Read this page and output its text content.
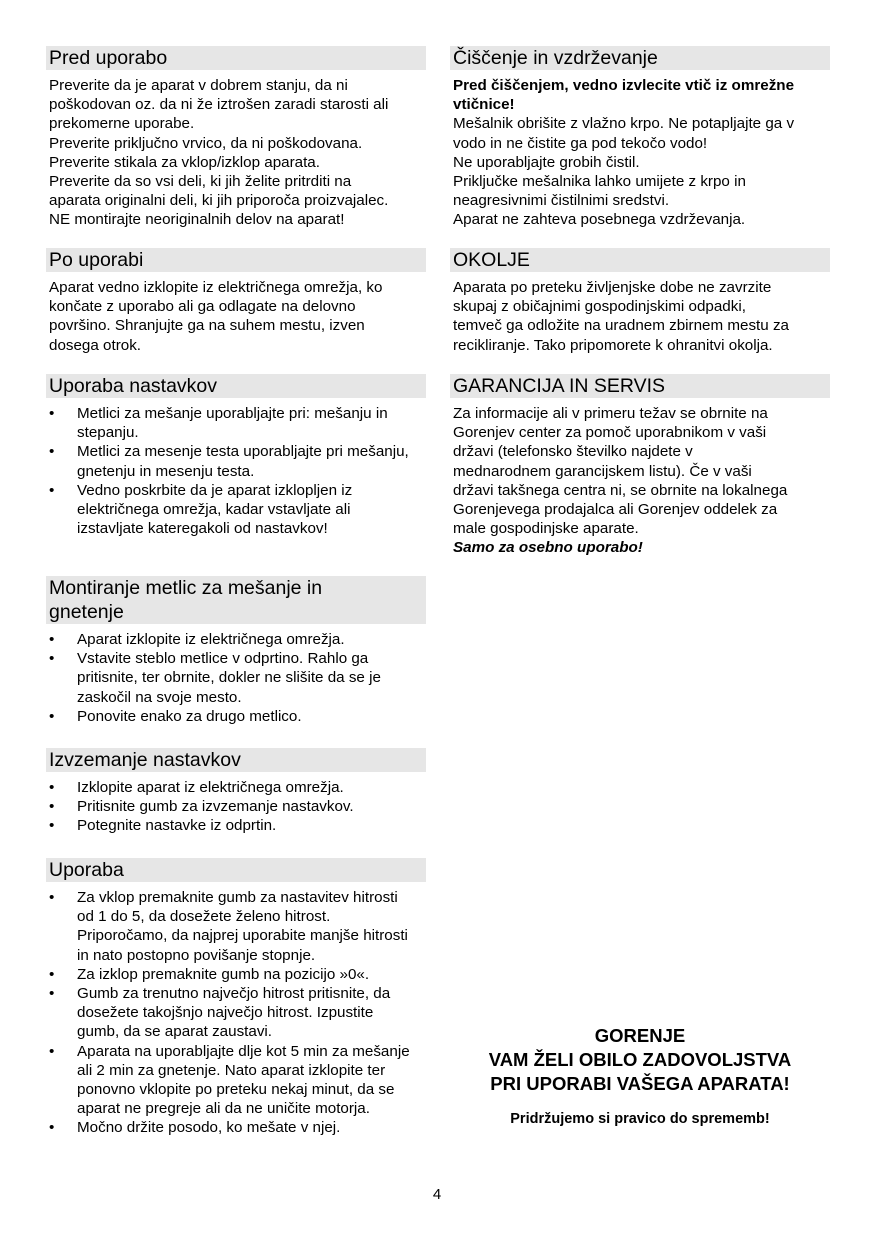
Pred uporabo
Preverite da je aparat v dobrem stanju, da ni
poškodovan oz. da ni že iztrošen zaradi starosti ali
prekomerne uporabe.
Preverite priključno vrvico, da ni poškodovana.
Preverite stikala za vklop/izklop aparata.
Preverite da so vsi deli, ki jih želite pritrditi na
aparata originalni deli, ki jih priporoča proizvajalec.
NE montirajte neoriginalnih delov na aparat!
Po uporabi
Aparat vedno izklopite iz električnega omrežja, ko
končate z uporabo ali ga odlagate na delovno
površino. Shranjujte ga na suhem mestu, izven
dosega otrok.
Uporaba nastavkov
• Metlici za mešanje uporabljajte pri: mešanju in
stepanju.
• Metlici za mesenje testa uporabljajte pri mešanju,
gnetenju in mesenju testa.
• Vedno poskrbite da je aparat izklopljen iz
električnega omrežja, kadar vstavljate ali
izstavljate kateregakoli od nastavkov!
Montiranje metlic za mešanje in
gnetenje
• Aparat izklopite iz električnega omrežja.
• Vstavite steblo metlice v odprtino. Rahlo ga
pritisnite, ter obrnite, dokler ne slišite da se je
zaskočil na svoje mesto.
• Ponovite enako za drugo metlico.
Izvzemanje nastavkov
• Izklopite aparat iz električnega omrežja.
• Pritisnite gumb za izvzemanje nastavkov.
• Potegnite nastavke iz odprtin.
Uporaba
• Za vklop premaknite gumb za nastavitev hitrosti
od 1 do 5, da dosežete želeno hitrost.
Priporočamo, da najprej uporabite manjše hitrosti
in nato postopno povišanje stopnje.
• Za izklop premaknite gumb na pozicijo »0«.
• Gumb za trenutno največjo hitrost pritisnite, da
dosežete takojšnjo največjo hitrost. Izpustite
gumb, da se aparat zaustavi.
• Aparata na uporabljajte dlje kot 5 min za mešanje
ali 2 min za gnetenje. Nato aparat izklopite ter
ponovno vklopite po preteku nekaj minut, da se
aparat ne pregreje ali da ne uničite motorja.
• Močno držite posodo, ko mešate v njej.
Čiščenje in vzdrževanje
Pred čiščenjem, vedno izvlecite vtič iz omrežne
vtičnice!
Mešalnik obrišite z vlažno krpo. Ne potapljajte ga v
vodo in ne čistite ga pod tekočo vodo!
Ne uporabljajte grobih čistil.
Priključke mešalnika lahko umijete z krpo in
neagresivnimi čistilnimi sredstvi.
Aparat ne zahteva posebnega vzdrževanja.
OKOLJE
Aparata po preteku življenjske dobe ne zavrzite
skupaj z običajnimi gospodinjskimi odpadki,
temveč ga odložite na uradnem zbirnem mestu za
recikliranje. Tako pripomorete k ohranitvi okolja.
GARANCIJA IN SERVIS
Za informacije ali v primeru težav se obrnite na
Gorenjev center za pomoč uporabnikom v vaši
državi (telefonsko številko najdete v
mednarodnem garancijskem listu). Če v vaši
državi takšnega centra ni, se obrnite na lokalnega
Gorenjevega prodajalca ali Gorenjev oddelek za
male gospodinjske aparate.
Samo za osebno uporabo!
GORENJE
VAM ŽELI OBILO ZADOVOLJSTVA
PRI UPORABI VAŠEGA APARATA!
Pridržujemo si pravico do sprememb!
4
